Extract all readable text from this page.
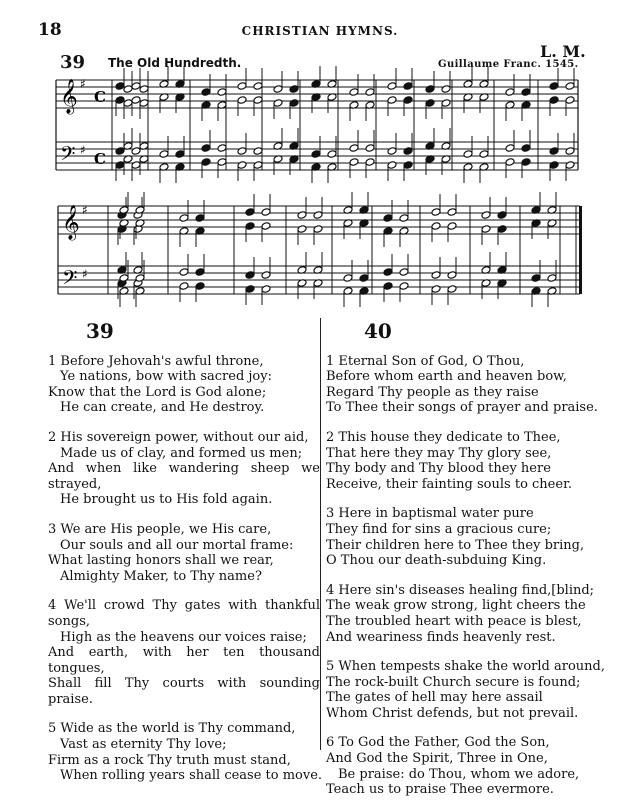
18	CHRISTIAN HYMNS.
39 The Old Hundredth.
L. M.
Guillaume Franc. 1545.
𝄞 ♯
C
𝄢 ♯ C
𝄞 ♯
𝄢 ♯
39
1 Before Jehovah's awful throne,
Ye nations, bow with sacred joy:
Know that the Lord is God alone;
He can create, and He destroy.
2 His sovereign power, without our aid,
Made us of clay, and formed us men;
And when like wandering sheep we strayed,
He brought us to His fold again.
3 We are His people, we His care,
Our souls and all our mortal frame:
What lasting honors shall we rear,
Almighty Maker, to Thy name?
4 We'll crowd Thy gates with thankful songs,
High as the heavens our voices raise;
And earth, with her ten thousand tongues,
Shall fill Thy courts with sounding praise.
5 Wide as the world is Thy command,
Vast as eternity Thy love;
Firm as a rock Thy truth must stand,
When rolling years shall cease to move.
40
1 Eternal Son of God, O Thou,
Before whom earth and heaven bow,
Regard Thy people as they raise
To Thee their songs of prayer and praise.
2 This house they dedicate to Thee,
That here they may Thy glory see,
Thy body and Thy blood they here
Receive, their fainting souls to cheer.
3 Here in baptismal water pure
They find for sins a gracious cure;
Their children here to Thee they bring,
O Thou our death-subduing King.
4 Here sin's diseases healing find,[blind;
The weak grow strong, light cheers the
The troubled heart with peace is blest,
And weariness finds heavenly rest.
5 When tempests shake the world around,
The rock-built Church secure is found;
The gates of hell may here assail
Whom Christ defends, but not prevail.
6 To God the Father, God the Son,
And God the Spirit, Three in One,
Be praise: do Thou, whom we adore,
Teach us to praise Thee evermore.
